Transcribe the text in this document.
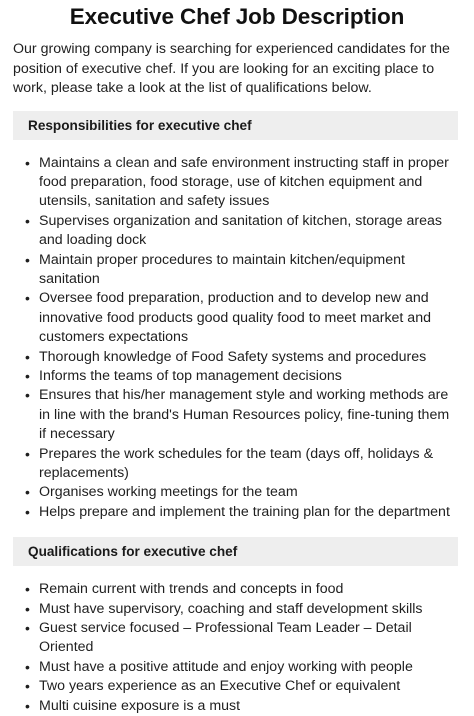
Executive Chef Job Description

Our growing company is searching for experienced candidates for the position of executive chef. If you are looking for an exciting place to work, please take a look at the list of qualifications below.

Responsibilities for executive chef
• Maintains a clean and safe environment instructing staff in proper food preparation, food storage, use of kitchen equipment and utensils, sanitation and safety issues
• Supervises organization and sanitation of kitchen, storage areas and loading dock
• Maintain proper procedures to maintain kitchen/equipment sanitation
• Oversee food preparation, production and to develop new and innovative food products good quality food to meet market and customers expectations
• Thorough knowledge of Food Safety systems and procedures
• Informs the teams of top management decisions
• Ensures that his/her management style and working methods are in line with the brand's Human Resources policy, fine-tuning them if necessary
• Prepares the work schedules for the team (days off, holidays & replacements)
• Organises working meetings for the team
• Helps prepare and implement the training plan for the department
Qualifications for executive chef
• Remain current with trends and concepts in food
• Must have supervisory, coaching and staff development skills
• Guest service focused – Professional Team Leader – Detail Oriented
• Must have a positive attitude and enjoy working with people
• Two years experience as an Executive Chef or equivalent
• Multi cuisine exposure is a must
